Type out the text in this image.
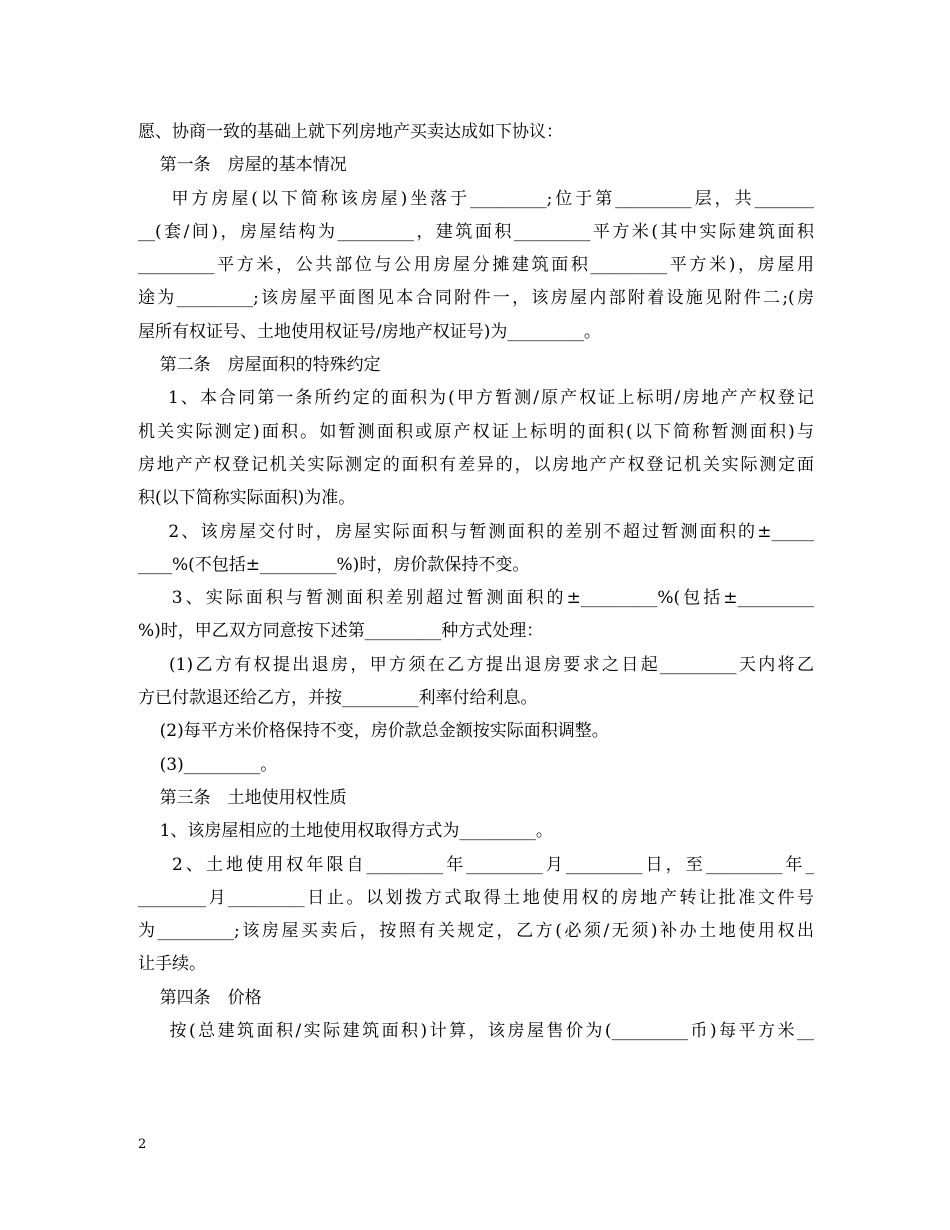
愿、协商一致的基础上就下列房地产买卖达成如下协议：
第一条　房屋的基本情况
甲方房屋(以下简称该房屋)坐落于_________;位于第_________层，共_______
__(套/间)，房屋结构为_________，建筑面积_________平方米(其中实际建筑面积
_________平方米，公共部位与公用房屋分摊建筑面积_________平方米)，房屋用
途为_________;该房屋平面图见本合同附件一，该房屋内部附着设施见附件二;(房
屋所有权证号、土地使用权证号/房地产权证号)为_________。
第二条　房屋面积的特殊约定
1、本合同第一条所约定的面积为(甲方暂测/原产权证上标明/房地产产权登记
机关实际测定)面积。如暂测面积或原产权证上标明的面积(以下简称暂测面积)与
房地产产权登记机关实际测定的面积有差异的，以房地产产权登记机关实际测定面
积(以下简称实际面积)为准。
2、该房屋交付时，房屋实际面积与暂测面积的差别不超过暂测面积的±_____
____%(不包括±_________%)时，房价款保持不变。
3、实际面积与暂测面积差别超过暂测面积的±_________%(包括±_________
%)时，甲乙双方同意按下述第_________种方式处理：
(1)乙方有权提出退房，甲方须在乙方提出退房要求之日起_________天内将乙
方已付款退还给乙方，并按_________利率付给利息。
(2)每平方米价格保持不变，房价款总金额按实际面积调整。
(3)_________。
第三条　土地使用权性质
1、该房屋相应的土地使用权取得方式为_________。
2、土地使用权年限自_________年_________月_________日，至_________年_
________月_________日止。以划拨方式取得土地使用权的房地产转让批准文件号
为_________;该房屋买卖后，按照有关规定，乙方(必须/无须)补办土地使用权出
让手续。
第四条　价格
按(总建筑面积/实际建筑面积)计算，该房屋售价为(_________币)每平方米__
2
